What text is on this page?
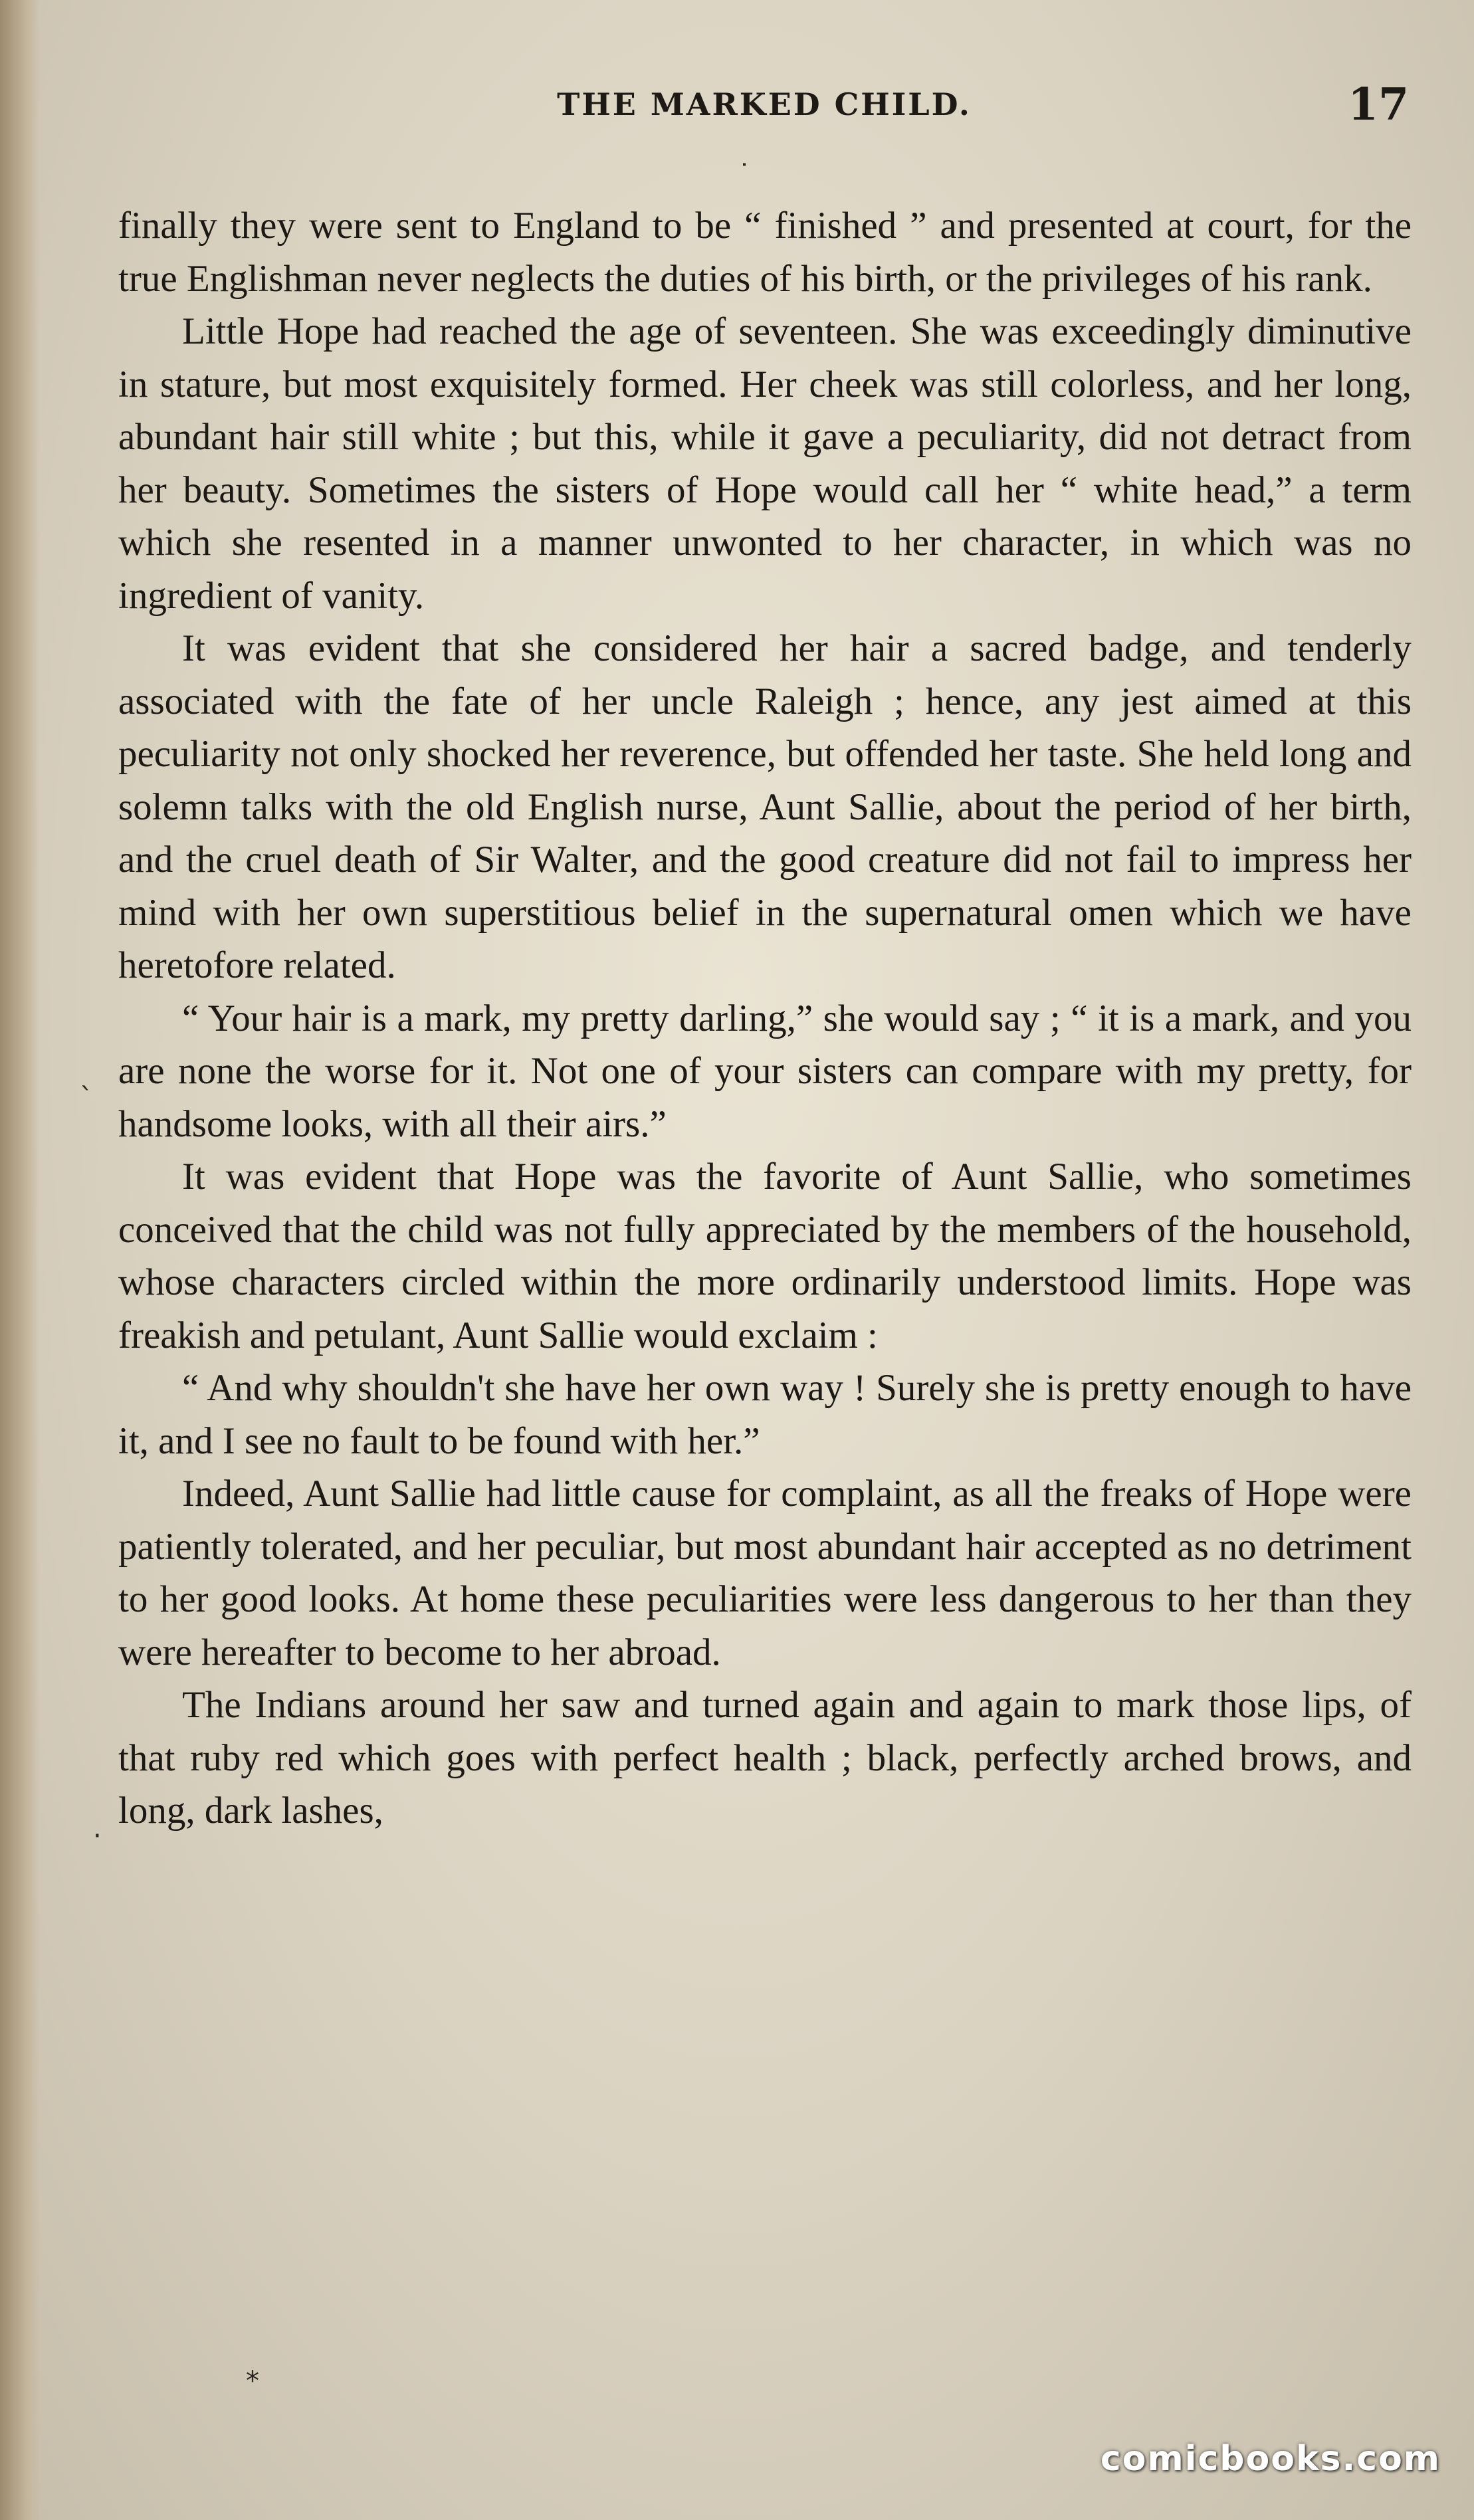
THE MARKED CHILD.	17
˙
ˎ
·
*

finally they were sent to England to be “ finished ” and presented at court, for the true Englishman never neglects the duties of his birth, or the privileges of his rank.

Little Hope had reached the age of seventeen. She was exceedingly diminutive in stature, but most exquisitely formed. Her cheek was still colorless, and her long, abundant hair still white ; but this, while it gave a peculiarity, did not detract from her beauty. Sometimes the sisters of Hope would call her “ white head,” a term which she resented in a manner unwonted to her character, in which was no ingredient of vanity.

It was evident that she considered her hair a sacred badge, and tenderly associated with the fate of her uncle Raleigh ; hence, any jest aimed at this peculiarity not only shocked her reverence, but offended her taste. She held long and solemn talks with the old English nurse, Aunt Sallie, about the period of her birth, and the cruel death of Sir Walter, and the good creature did not fail to impress her mind with her own superstitious belief in the supernatural omen which we have heretofore related.

“ Your hair is a mark, my pretty darling,” she would say ; “ it is a mark, and you are none the worse for it. Not one of your sisters can compare with my pretty, for handsome looks, with all their airs.”

It was evident that Hope was the favorite of Aunt Sallie, who sometimes conceived that the child was not fully appreciated by the members of the household, whose characters circled within the more ordinarily understood limits. Hope was freakish and petulant, Aunt Sallie would exclaim :

“ And why shouldn't she have her own way ! Surely she is pretty enough to have it, and I see no fault to be found with her.”

Indeed, Aunt Sallie had little cause for complaint, as all the freaks of Hope were patiently tolerated, and her peculiar, but most abundant hair accepted as no detriment to her good looks. At home these peculiarities were less dangerous to her than they were hereafter to become to her abroad.

The Indians around her saw and turned again and again to mark those lips, of that ruby red which goes with perfect health ; black, perfectly arched brows, and long, dark lashes,

comicbooks.com
